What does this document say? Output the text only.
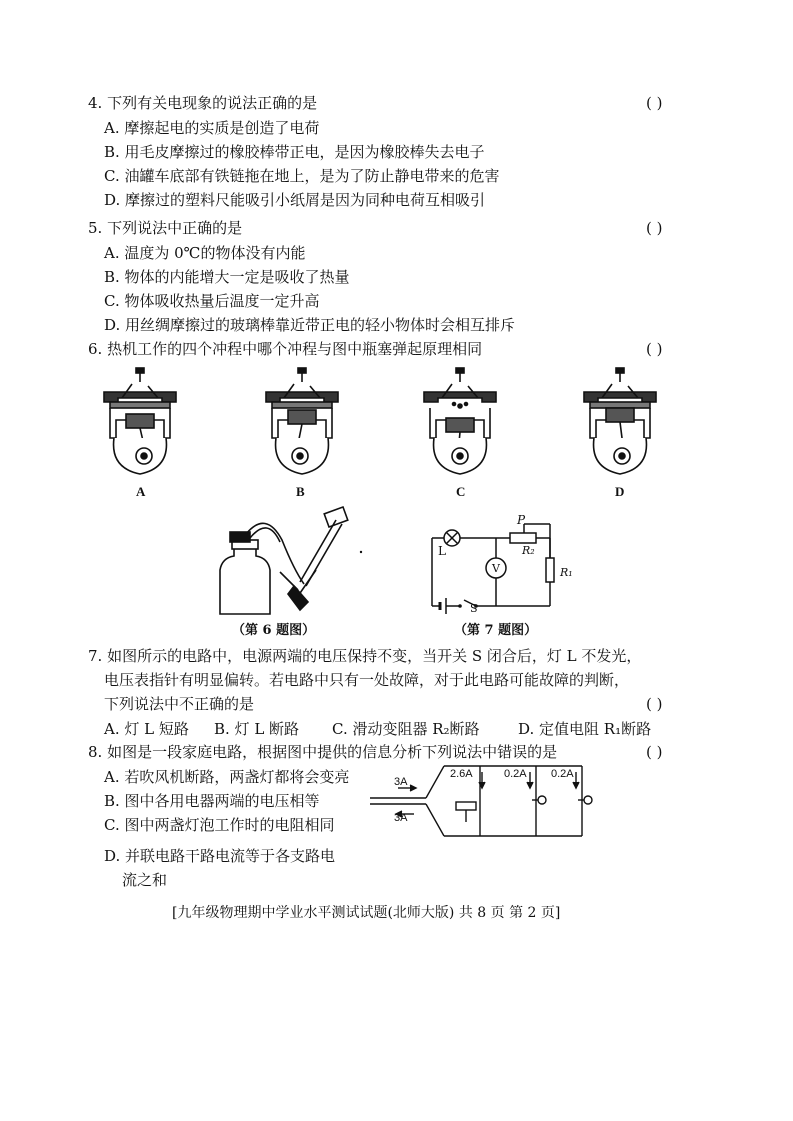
4. 下列有关电现象的说法正确的是	( )
A. 摩擦起电的实质是创造了电荷
B. 用毛皮摩擦过的橡胶棒带正电，是因为橡胶棒失去电子
C. 油罐车底部有铁链拖在地上，是为了防止静电带来的危害
D. 摩擦过的塑料尺能吸引小纸屑是因为同种电荷互相吸引
5. 下列说法中正确的是	( )
A. 温度为 0℃的物体没有内能
B. 物体的内能增大一定是吸收了热量
C. 物体吸收热量后温度一定升高
D. 用丝绸摩擦过的玻璃棒靠近带正电的轻小物体时会相互排斥
6. 热机工作的四个冲程中哪个冲程与图中瓶塞弹起原理相同	( )
A	B	C	D
P
R₂
R₁
L
V
S
（第 6 题图）	（第 7 题图）
7. 如图所示的电路中，电源两端的电压保持不变，当开关 S 闭合后，灯 L 不发光，
电压表指针有明显偏转。若电路中只有一处故障，对于此电路可能故障的判断，
下列说法中不正确的是	( )
A. 灯 L 短路 B. 灯 L 断路 C. 滑动变阻器 R₂断路	D. 定值电阻 R₁断路
8. 如图是一段家庭电路，根据图中提供的信息分析下列说法中错误的是	( )
A. 若吹风机断路，两盏灯都将会变亮
B. 图中各用电器两端的电压相等
C. 图中两盏灯泡工作时的电阻相同
D. 并联电路干路电流等于各支路电
流之和
3A
3A
2.6A	0.2A 0.2A
[九年级物理期中学业水平测试试题(北师大版) 共 8 页 第 2 页]
